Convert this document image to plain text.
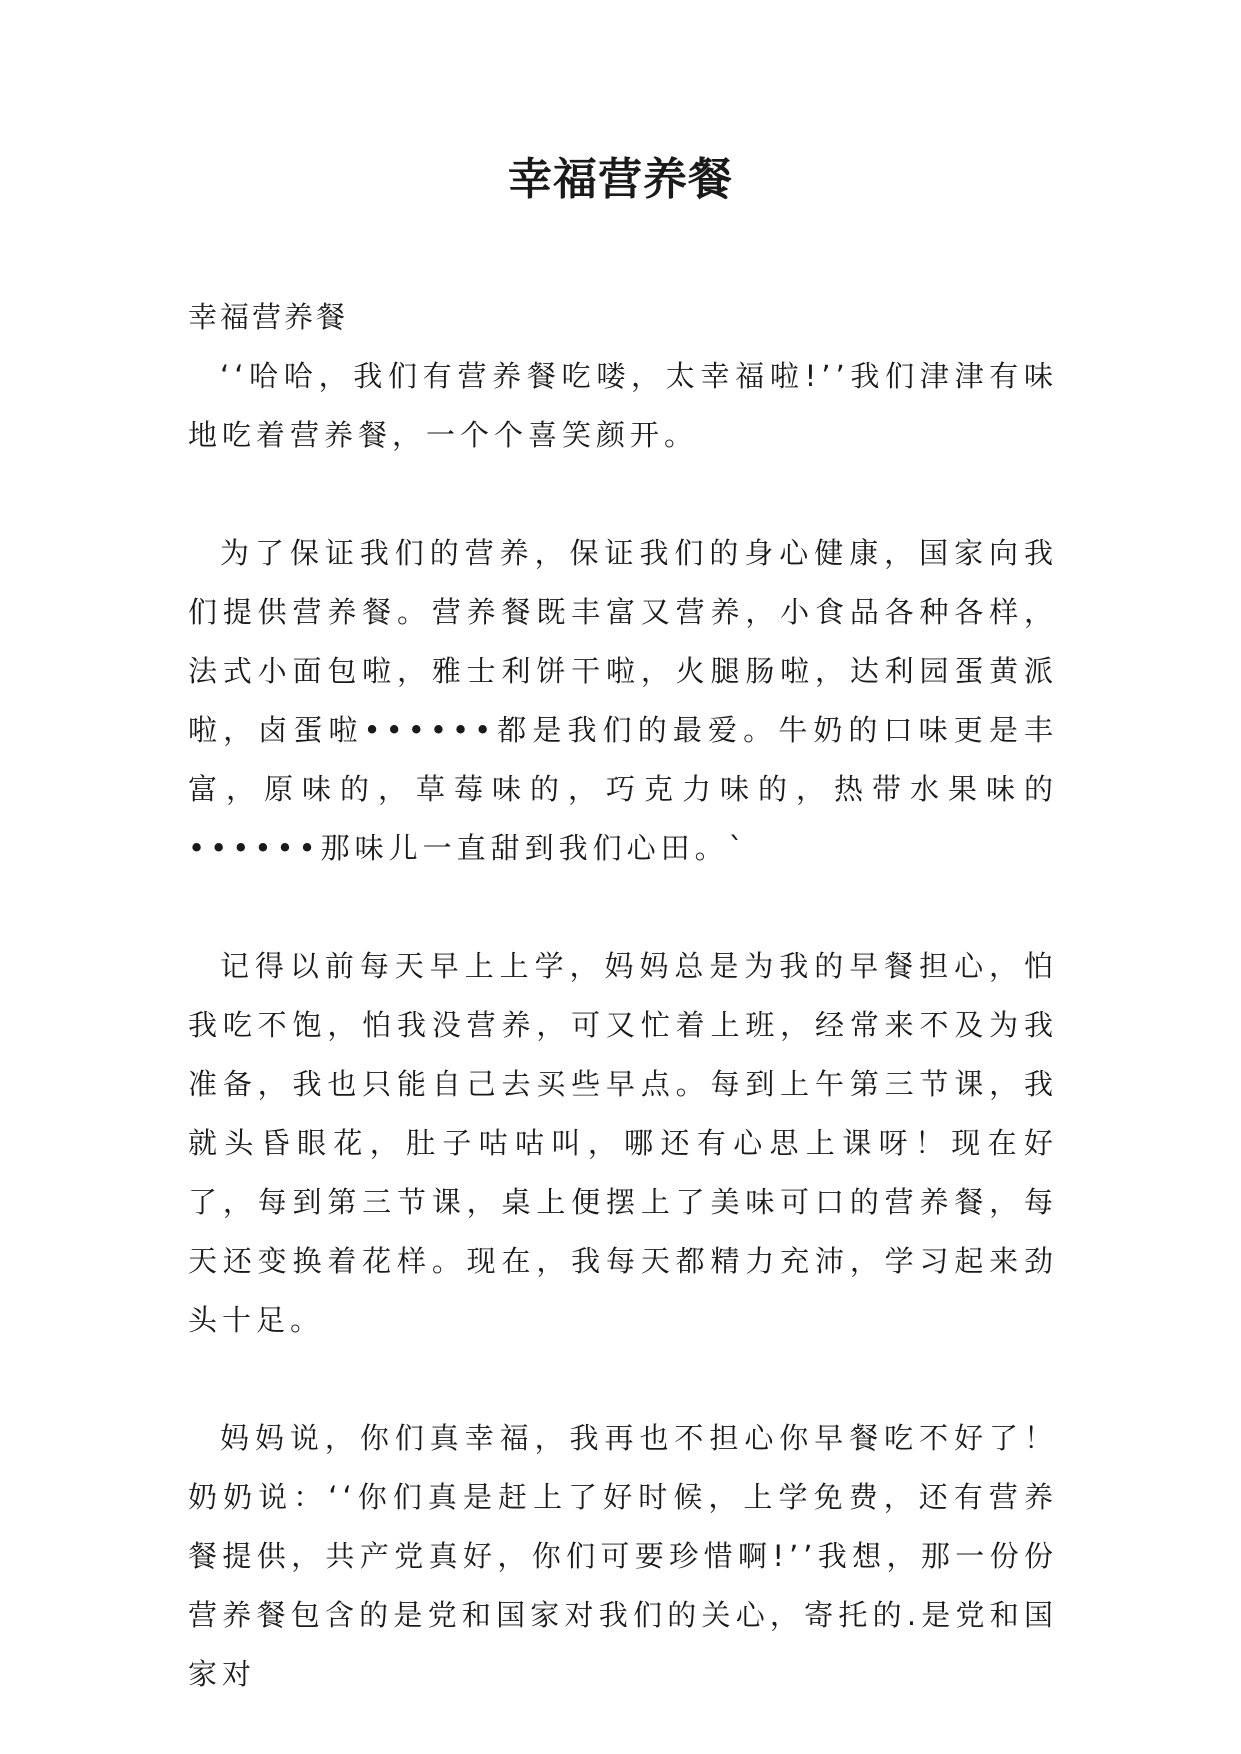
幸福营养餐

幸福营养餐

‘‘哈哈，我们有营养餐吃喽，太幸福啦!’’我们津津有味地吃着营养餐，一个个喜笑颜开。

为了保证我们的营养，保证我们的身心健康，国家向我们提供营养餐。营养餐既丰富又营养，小食品各种各样，法式小面包啦，雅士利饼干啦，火腿肠啦，达利园蛋黄派啦，卤蛋啦••••••都是我们的最爱。牛奶的口味更是丰富，原味的，草莓味的，巧克力味的，热带水果味的••••••那味儿一直甜到我们心田。`

记得以前每天早上上学，妈妈总是为我的早餐担心，怕我吃不饱，怕我没营养，可又忙着上班，经常来不及为我准备，我也只能自己去买些早点。每到上午第三节课，我就头昏眼花，肚子咕咕叫，哪还有心思上课呀！现在好了，每到第三节课，桌上便摆上了美味可口的营养餐，每天还变换着花样。现在，我每天都精力充沛，学习起来劲头十足。

妈妈说，你们真幸福，我再也不担心你早餐吃不好了！奶奶说：‘‘你们真是赶上了好时候，上学免费，还有营养餐提供，共产党真好，你们可要珍惜啊!’’我想，那一份份营养餐包含的是党和国家对我们的关心，寄托的.是党和国家对
